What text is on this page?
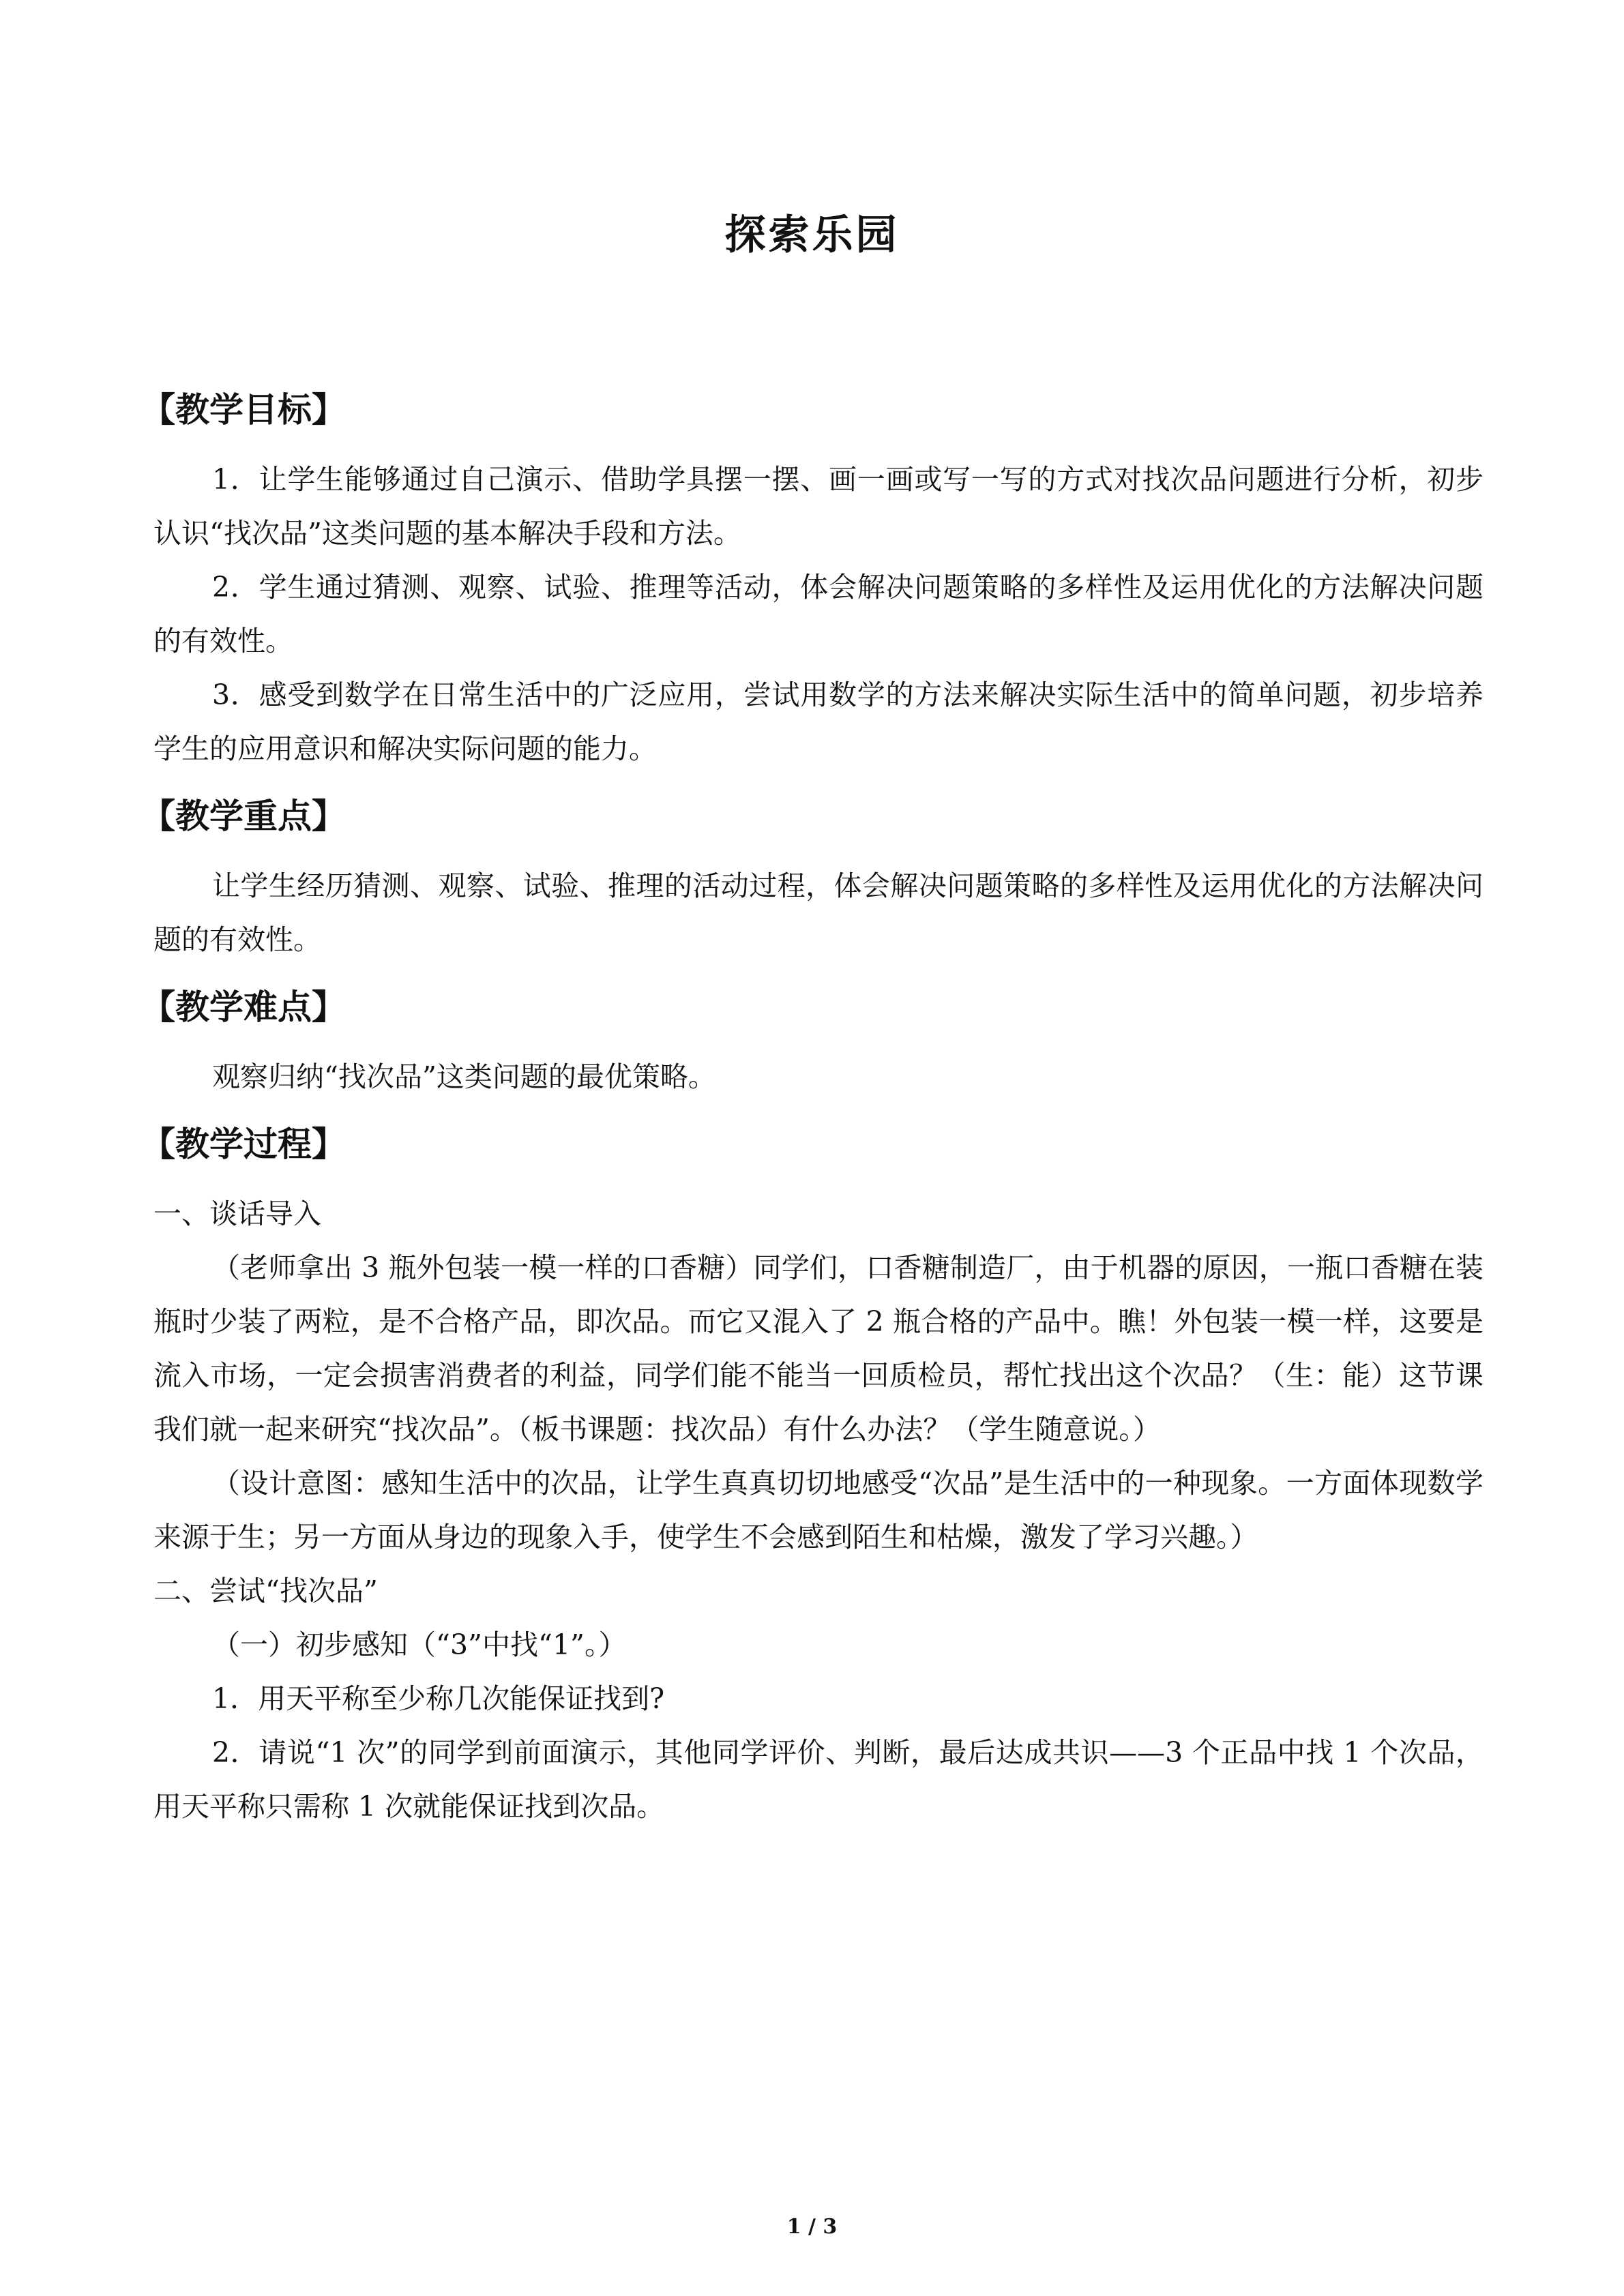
探索乐园
【教学目标】

1．让学生能够通过自己演示、借助学具摆一摆、画一画或写一写的方式对找次品问题进行分析，初步认识“找次品”这类问题的基本解决手段和方法。

2．学生通过猜测、观察、试验、推理等活动，体会解决问题策略的多样性及运用优化的方法解决问题的有效性。

3．感受到数学在日常生活中的广泛应用，尝试用数学的方法来解决实际生活中的简单问题，初步培养学生的应用意识和解决实际问题的能力。

【教学重点】

让学生经历猜测、观察、试验、推理的活动过程，体会解决问题策略的多样性及运用优化的方法解决问题的有效性。

【教学难点】

观察归纳“找次品”这类问题的最优策略。

【教学过程】

一、谈话导入

（老师拿出 3 瓶外包装一模一样的口香糖）同学们，口香糖制造厂，由于机器的原因，一瓶口香糖在装瓶时少装了两粒，是不合格产品，即次品。而它又混入了 2 瓶合格的产品中。瞧！外包装一模一样，这要是流入市场，一定会损害消费者的利益，同学们能不能当一回质检员，帮忙找出这个次品？（生：能）这节课我们就一起来研究“找次品”。（板书课题：找次品）有什么办法？（学生随意说。）

（设计意图：感知生活中的次品，让学生真真切切地感受“次品”是生活中的一种现象。一方面体现数学来源于生；另一方面从身边的现象入手，使学生不会感到陌生和枯燥，激发了学习兴趣。）

二、尝试“找次品”

（一）初步感知（“3”中找“1”。）

1．用天平称至少称几次能保证找到?

2．请说“1 次”的同学到前面演示，其他同学评价、判断，最后达成共识——3 个正品中找 1 个次品，用天平称只需称 1 次就能保证找到次品。

1 / 3
